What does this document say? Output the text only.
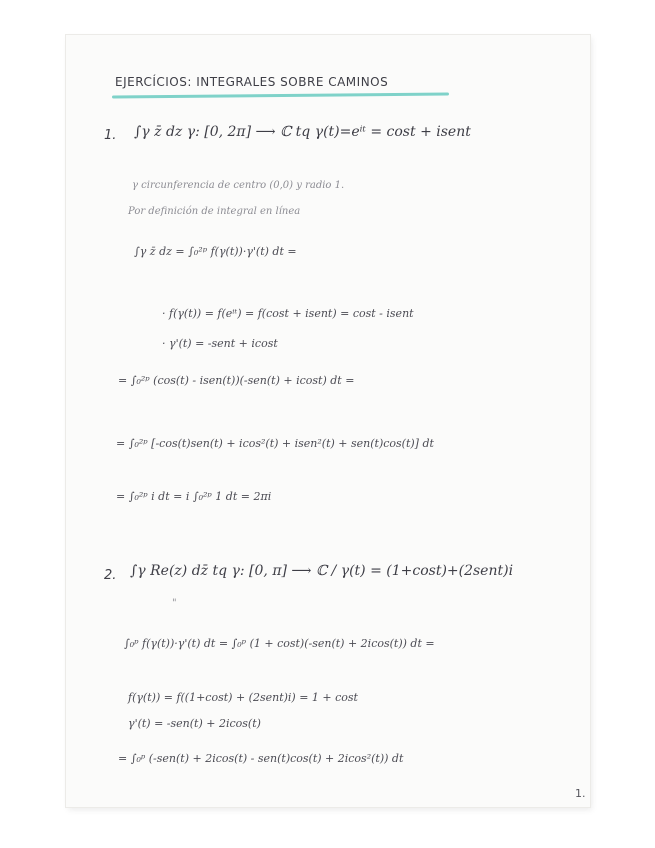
EJERCÍCIOS: INTEGRALES SOBRE CAMINOS
1. ∫γ z̄ dz γ: [0, 2π] ⟶ ℂ tq γ(t)=eⁱᵗ = cost + isent
γ circunferencia de centro (0,0) y radio 1.
Por definición de integral en línea
∫γ z̄ dz = ∫₀²ᵖ f(γ(t))·γ'(t) dt =
· f(γ(t)) = f(eⁱᵗ) = f(cost + isent) = cost - isent
· γ'(t) = -sent + icost
= ∫₀²ᵖ (cos(t) - isen(t))(-sen(t) + icost) dt =
= ∫₀²ᵖ [-cos(t)sen(t) + icos²(t) + isen²(t) + sen(t)cos(t)] dt
= ∫₀²ᵖ i dt = i ∫₀²ᵖ 1 dt = 2πi
2. ∫γ Re(z) dz̄ tq γ: [0, π] ⟶ ℂ / γ(t) = (1+cost)+(2sent)i
"
∫₀ᵖ f(γ(t))·γ'(t) dt = ∫₀ᵖ (1 + cost)(-sen(t) + 2icos(t)) dt =
f(γ(t)) = f((1+cost) + (2sent)i) = 1 + cost
γ'(t) = -sen(t) + 2icos(t)
= ∫₀ᵖ (-sen(t) + 2icos(t) - sen(t)cos(t) + 2icos²(t)) dt
1.
